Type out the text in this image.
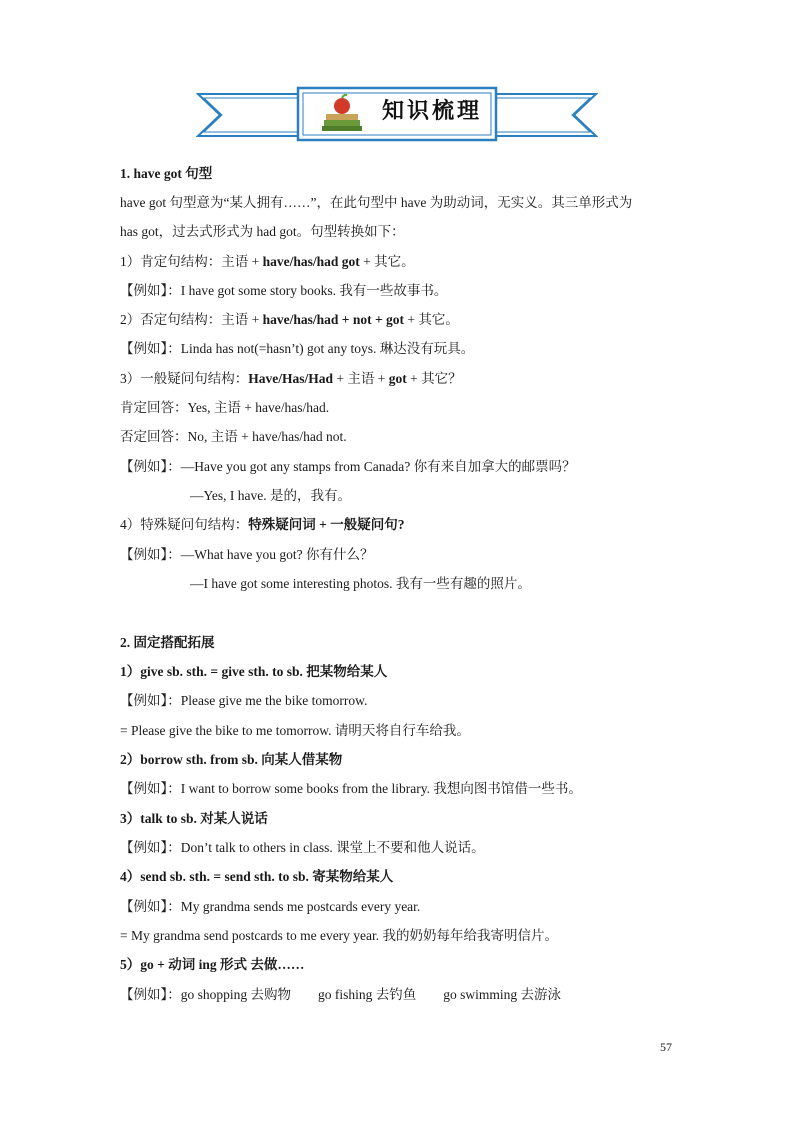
知识梳理
1. have got 句型
have got 句型意为“某人拥有……”，在此句型中 have 为助动词，无实义。其三单形式为
has got，过去式形式为 had got。句型转换如下：
1）肯定句结构：主语 + have/has/had got + 其它。
【例如】：I have got some story books. 我有一些故事书。
2）否定句结构：主语 + have/has/had + not + got + 其它。
【例如】：Linda has not(=hasn’t) got any toys. 琳达没有玩具。
3）一般疑问句结构：Have/Has/Had + 主语 + got + 其它？
肯定回答：Yes, 主语 + have/has/had.
否定回答：No, 主语 + have/has/had not.
【例如】：—Have you got any stamps from Canada? 你有来自加拿大的邮票吗？
—Yes, I have. 是的，我有。
4）特殊疑问句结构：特殊疑问词 + 一般疑问句?
【例如】：—What have you got? 你有什么？
—I have got some interesting photos. 我有一些有趣的照片。
2. 固定搭配拓展
1）give sb. sth. = give sth. to sb. 把某物给某人
【例如】：Please give me the bike tomorrow.
= Please give the bike to me tomorrow. 请明天将自行车给我。
2）borrow sth. from sb. 向某人借某物
【例如】：I want to borrow some books from the library. 我想向图书馆借一些书。
3）talk to sb. 对某人说话
【例如】：Don’t talk to others in class. 课堂上不要和他人说话。
4）send sb. sth. = send sth. to sb. 寄某物给某人
【例如】：My grandma sends me postcards every year.
= My grandma send postcards to me every year. 我的奶奶每年给我寄明信片。
5）go + 动词 ing 形式 去做……
【例如】：go shopping 去购物        go fishing 去钓鱼        go swimming 去游泳
57
